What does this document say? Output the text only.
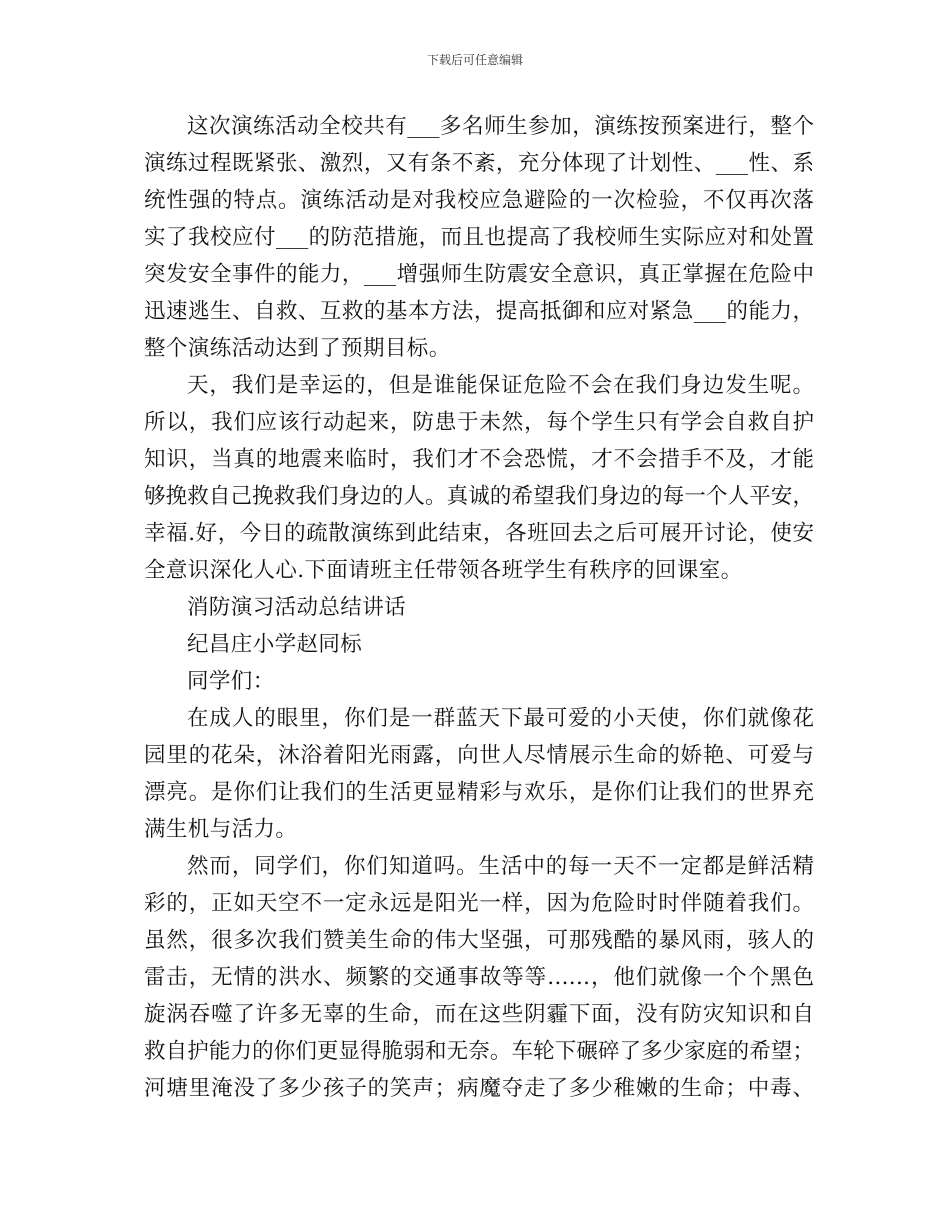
下载后可任意编辑
这次演练活动全校共有___多名师生参加，演练按预案进行，整个
演练过程既紧张、激烈，又有条不紊，充分体现了计划性、___性、系
统性强的特点。演练活动是对我校应急避险的一次检验，不仅再次落
实了我校应付___的防范措施，而且也提高了我校师生实际应对和处置
突发安全事件的能力，___增强师生防震安全意识，真正掌握在危险中
迅速逃生、自救、互救的基本方法，提高抵御和应对紧急___的能力，
整个演练活动达到了预期目标。
天，我们是幸运的，但是谁能保证危险不会在我们身边发生呢。
所以，我们应该行动起来，防患于未然，每个学生只有学会自救自护
知识，当真的地震来临时，我们才不会恐慌，才不会措手不及，才能
够挽救自己挽救我们身边的人。真诚的希望我们身边的每一个人平安，
幸福.好，今日的疏散演练到此结束，各班回去之后可展开讨论，使安
全意识深化人心.下面请班主任带领各班学生有秩序的回课室。
消防演习活动总结讲话
纪昌庄小学赵同标
同学们：
在成人的眼里，你们是一群蓝天下最可爱的小天使，你们就像花
园里的花朵，沐浴着阳光雨露，向世人尽情展示生命的娇艳、可爱与
漂亮。是你们让我们的生活更显精彩与欢乐，是你们让我们的世界充
满生机与活力。
然而，同学们，你们知道吗。生活中的每一天不一定都是鲜活精
彩的，正如天空不一定永远是阳光一样，因为危险时时伴随着我们。
虽然，很多次我们赞美生命的伟大坚强，可那残酷的暴风雨，骇人的
雷击，无情的洪水、频繁的交通事故等等……，他们就像一个个黑色
旋涡吞噬了许多无辜的生命，而在这些阴霾下面，没有防灾知识和自
救自护能力的你们更显得脆弱和无奈。车轮下碾碎了多少家庭的希望；
河塘里淹没了多少孩子的笑声；病魔夺走了多少稚嫩的生命；中毒、
